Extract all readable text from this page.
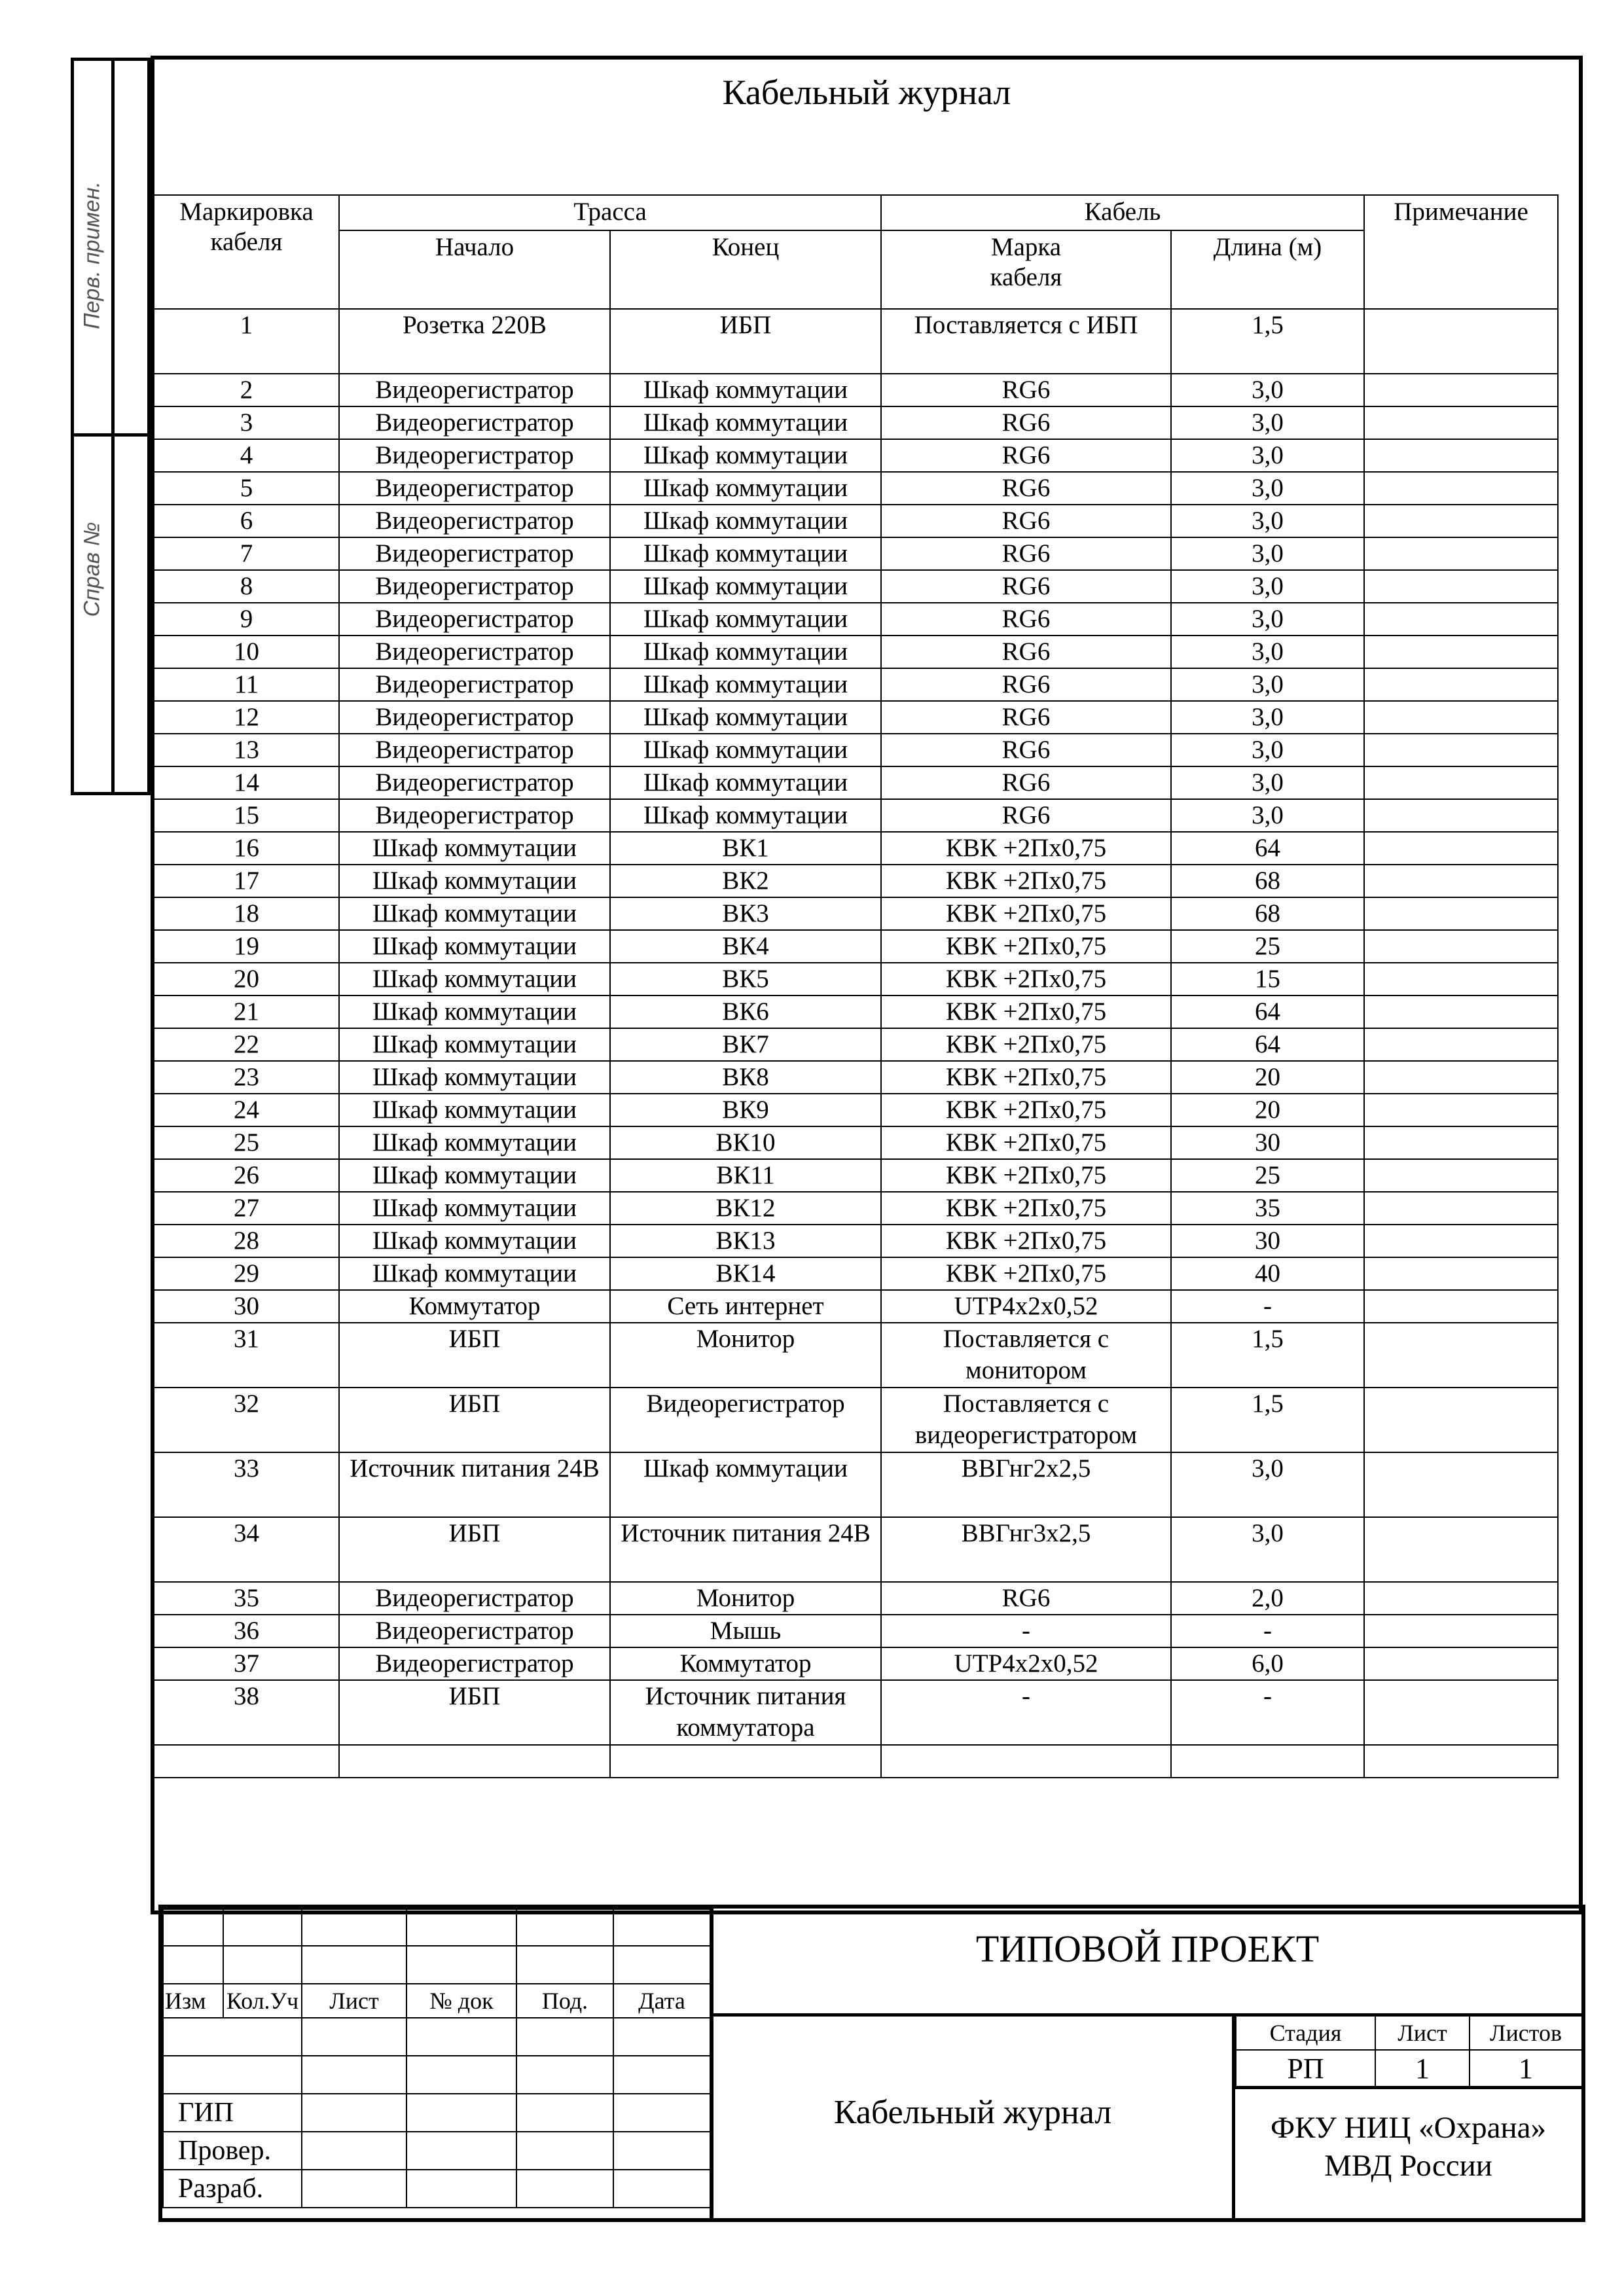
Перв. примен.
Справ №
Кабельный журнал
Маркировка кабеля	Трасса		Кабель		Примечание
	Начало	Конец	Марка кабеля	Длина (м)	
1	Розетка 220В	ИБП	Поставляется с ИБП	1,5	
2	Видеорегистратор	Шкаф коммутации	RG6	3,0	
3	Видеорегистратор	Шкаф коммутации	RG6	3,0	
4	Видеорегистратор	Шкаф коммутации	RG6	3,0	
5	Видеорегистратор	Шкаф коммутации	RG6	3,0	
6	Видеорегистратор	Шкаф коммутации	RG6	3,0	
7	Видеорегистратор	Шкаф коммутации	RG6	3,0	
8	Видеорегистратор	Шкаф коммутации	RG6	3,0	
9	Видеорегистратор	Шкаф коммутации	RG6	3,0	
10	Видеорегистратор	Шкаф коммутации	RG6	3,0	
11	Видеорегистратор	Шкаф коммутации	RG6	3,0	
12	Видеорегистратор	Шкаф коммутации	RG6	3,0	
13	Видеорегистратор	Шкаф коммутации	RG6	3,0	
14	Видеорегистратор	Шкаф коммутации	RG6	3,0	
15	Видеорегистратор	Шкаф коммутации	RG6	3,0	
16	Шкаф коммутации	ВК1	КВК +2Пх0,75	64	
17	Шкаф коммутации	ВК2	КВК +2Пх0,75	68	
18	Шкаф коммутации	ВК3	КВК +2Пх0,75	68	
19	Шкаф коммутации	ВК4	КВК +2Пх0,75	25	
20	Шкаф коммутации	ВК5	КВК +2Пх0,75	15	
21	Шкаф коммутации	ВК6	КВК +2Пх0,75	64	
22	Шкаф коммутации	ВК7	КВК +2Пх0,75	64	
23	Шкаф коммутации	ВК8	КВК +2Пх0,75	20	
24	Шкаф коммутации	ВК9	КВК +2Пх0,75	20	
25	Шкаф коммутации	ВК10	КВК +2Пх0,75	30	
26	Шкаф коммутации	ВК11	КВК +2Пх0,75	25	
27	Шкаф коммутации	ВК12	КВК +2Пх0,75	35	
28	Шкаф коммутации	ВК13	КВК +2Пх0,75	30	
29	Шкаф коммутации	ВК14	КВК +2Пх0,75	40	
30	Коммутатор	Сеть интернет	UTP4х2х0,52	-	
31	ИБП	Монитор	Поставляется с монитором	1,5	
32	ИБП	Видеорегистратор	Поставляется с видеорегистратором	1,5	
33	Источник питания 24В	Шкаф коммутации	ВВГнг2х2,5	3,0	
34	ИБП	Источник питания 24В	ВВГнг3х2,5	3,0	
35	Видеорегистратор	Монитор	RG6	2,0	
36	Видеорегистратор	Мышь	-	-	
37	Видеорегистратор	Коммутатор	UTP4х2х0,52	6,0	
38	ИБП	Источник питания коммутатора	-	-	

Изм	Кол.Уч	Лист	№ док	Под.	Дата

ГИП					
Провер.					
Разраб.					
ТИПОВОЙ ПРОЕКТ
Кабельный журнал
Стадия	Лист	Листов
РП	1	1
ФКУ НИЦ «Охрана»
МВД России
